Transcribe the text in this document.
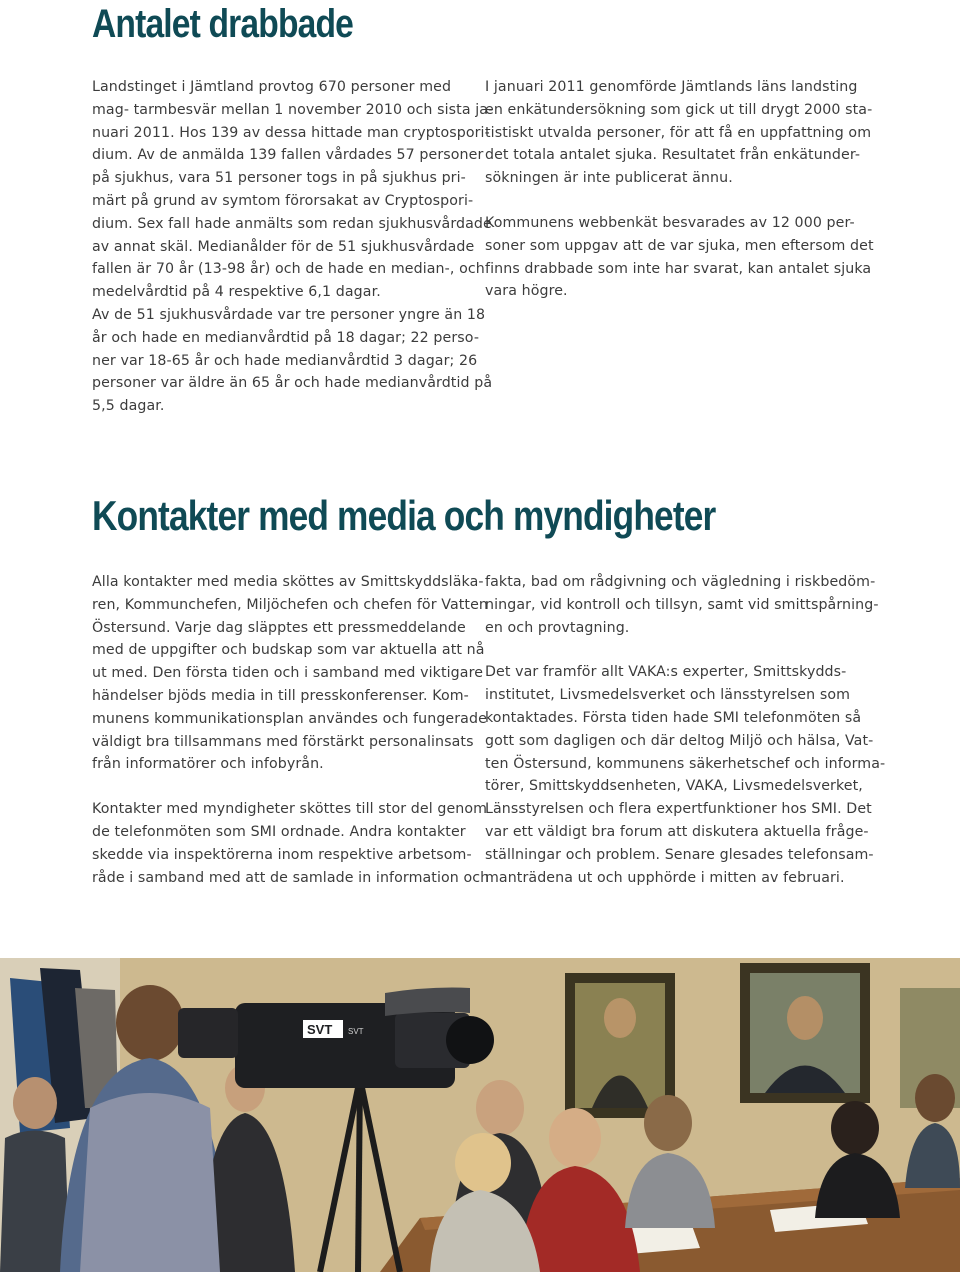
Antalet drabbade

Landstinget i Jämtland provtog 670 personer med
mag- tarmbesvär mellan 1 november 2010 och sista ja-
nuari 2011. Hos 139 av dessa hittade man cryptospori-
dium. Av de anmälda 139 fallen vårdades 57 personer
på sjukhus, vara 51 personer togs in på sjukhus pri-
märt på grund av symtom förorsakat av Cryptospori-
dium. Sex fall hade anmälts som redan sjukhusvårdade
av annat skäl. Medianålder för de 51 sjukhusvårdade
fallen är 70 år (13-98 år) och de hade en median-, och
medelvårdtid på 4 respektive 6,1 dagar.
Av de 51 sjukhusvårdade var tre personer yngre än 18
år och hade en medianvårdtid på 18 dagar; 22 perso-
ner var 18-65 år och hade medianvårdtid 3 dagar; 26
personer var äldre än 65 år och hade medianvårdtid på
5,5 dagar.

I januari 2011 genomförde Jämtlands läns landsting
en enkätundersökning som gick ut till drygt 2000 sta-
tistiskt utvalda personer, för att få en uppfattning om
det totala antalet sjuka. Resultatet från enkätunder-
sökningen är inte publicerat ännu.

Kommunens webbenkät besvarades av 12 000 per-
soner som uppgav att de var sjuka, men eftersom det
finns drabbade som inte har svarat, kan antalet sjuka
vara högre.

Kontakter med media och myndigheter

Alla kontakter med media sköttes av Smittskyddsläka-
ren, Kommunchefen, Miljöchefen och chefen för Vatten
Östersund. Varje dag släpptes ett pressmeddelande
med de uppgifter och budskap som var aktuella att nå
ut med. Den första tiden och i samband med viktigare
händelser bjöds media in till presskonferenser. Kom-
munens kommunikationsplan användes och fungerade
väldigt bra tillsammans med förstärkt personalinsats
från informatörer och infobyrån.

Kontakter med myndigheter sköttes till stor del genom
de telefonmöten som SMI ordnade. Andra kontakter
skedde via inspektörerna inom respektive arbetsom-
råde i samband med att de samlade in information och

fakta, bad om rådgivning och vägledning i riskbedöm-
ningar, vid kontroll och tillsyn, samt vid smittspårning-
en och provtagning.

Det var framför allt VAKA:s experter, Smittskydds-
institutet, Livsmedelsverket och länsstyrelsen som
kontaktades. Första tiden hade SMI telefonmöten så
gott som dagligen och där deltog Miljö och hälsa, Vat-
ten Östersund, kommunens säkerhetschef och informa-
törer, Smittskyddsenheten, VAKA, Livsmedelsverket,
Länsstyrelsen och flera expertfunktioner hos SMI. Det
var ett väldigt bra forum att diskutera aktuella fråge-
ställningar och problem. Senare glesades telefonsam-
manträdena ut och upphörde i mitten av februari.

SVT SVT
